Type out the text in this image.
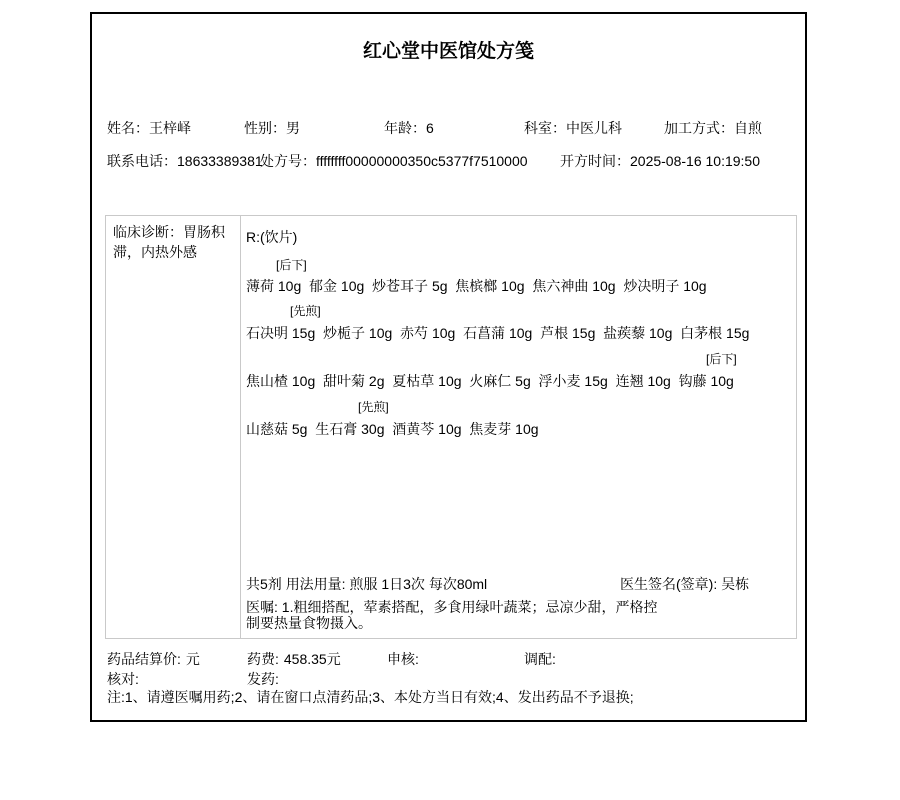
红心堂中医馆处方笺
姓名：王梓峄	性别：男	年龄：6	科室：中医儿科	加工方式：自煎
联系电话：18633389381
处方号：ffffffff00000000350c5377f7510000 开方时间：2025-08-16 10:19:50
临床诊断：胃肠积滞，内热外感
R:(饮片)
[后下]
薄荷 10g  郁金 10g  炒苍耳子 5g  焦槟榔 10g  焦六神曲 10g  炒决明子 10g
[先煎]
石决明 15g  炒栀子 10g  赤芍 10g  石菖蒲 10g  芦根 15g  盐蒺藜 10g  白茅根 15g
[后下]
焦山楂 10g  甜叶菊 2g  夏枯草 10g  火麻仁 5g  浮小麦 15g  连翘 10g  钩藤 10g
[先煎]
山慈菇 5g  生石膏 30g  酒黄芩 10g  焦麦芽 10g
共5剂 用法用量: 煎服 1日3次 每次80ml	医生签名(签章): 吴栋
医嘱: 1.粗细搭配，荤素搭配，多食用绿叶蔬菜；忌凉少甜，严格控制要热量食物摄入。
药品结算价: 元	药费: 458.35元	申核:	调配:
核对:	发药:
注:1、请遵医嘱用药;2、请在窗口点清药品;3、本处方当日有效;4、发出药品不予退换;
